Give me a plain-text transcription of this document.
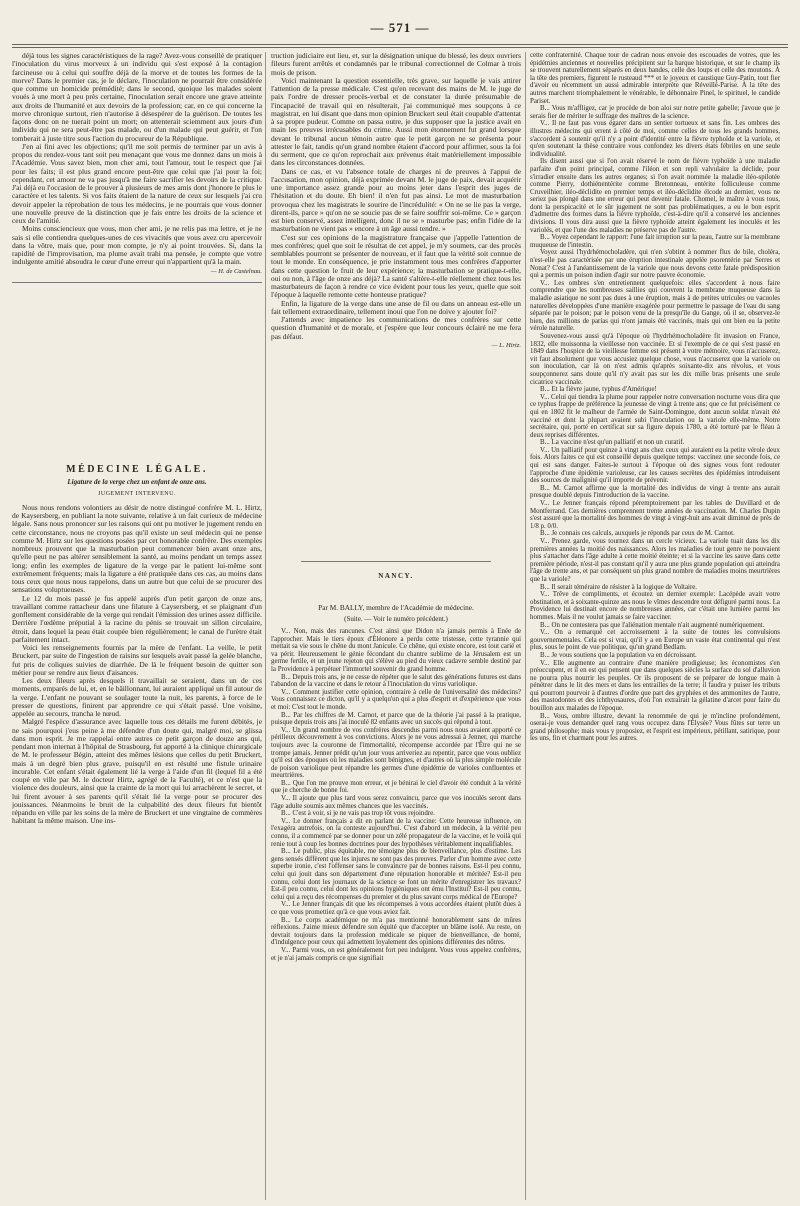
— 571 —

déjà tous les signes caractéristiques de la rage? Avez-vous conseillé de pratiquer l'inoculation du virus morveux à un individu qui s'est exposé à la contagion farcineuse ou à celui qui souffre déjà de la morve et de toutes les formes de la morve? Dans le premier cas, je le déclare, l'inoculation ne pourrait être considérée que comme un homicide prémédité; dans le second, quoique les malades soient voués à une mort à peu près certaine, l'inoculation serait encore une grave atteinte aux droits de l'humanité et aux devoirs de la profession; car, en ce qui concerne la morve chronique surtout, rien n'autorise à désespérer de la guérison. De toutes les façons donc on ne tuerait point un mort; on attenterait sciemment aux jours d'un individu qui ne sera peut-être pas malade, ou d'un malade qui peut guérir, et l'on tomberait à juste titre sous l'action du procureur de la République.

J'en ai fini avec les objections; qu'il me soit permis de terminer par un avis à propos du rendez-vous tant soit peu menaçant que vous me donnez dans un mois à l'Académie. Vous savez bien, mon cher ami, tout l'amour, tout le respect que j'ai pour les faits; il est plus grand encore peut-être que celui que j'ai pour la foi; cependant, cet amour ne va pas jusqu'à me faire sacrifier les devoirs de la critique. J'ai déjà eu l'occasion de le prouver à plusieurs de mes amis dont j'honore le plus le caractère et les talents. Si vos faits étaient de la nature de ceux sur lesquels j'ai cru devoir appeler la réprobation de tous les médecins, je ne pourrais que vous donner une nouvelle preuve de la distinction que je fais entre les droits de la science et ceux de l'amitié.

Moins consciencieux que vous, mon cher ami, je ne relis pas ma lettre, et je ne sais si elle contiendra quelques-unes de ces vivacités que vous avez cru apercevoir dans la vôtre, mais que, pour mon compte, je n'y ai point trouvées. Si, dans la rapidité de l'improvisation, ma plume avait trahi ma pensée, je compte que votre indulgente amitié absoudra le cœur d'une erreur qui n'appartient qu'à la main.

— H. de Castelnau.
MÉDECINE LÉGALE.
Ligature de la verge chez un enfant de onze ans.
JUGEMENT INTERVENU.

Nous nous rendons volontiers au désir de notre distingué confrère M. L. Hirtz, de Kaysersberg, en publiant la note suivante, relative à un fait curieux de médecine légale. Sans nous prononcer sur les raisons qui ont pu motiver le jugement rendu en cette circonstance, nous ne croyons pas qu'il existe un seul médecin qui ne pense comme M. Hirtz sur les questions posées par cet honorable confrère. Des exemples nombreux prouvent que la masturbation peut commencer bien avant onze ans, qu'elle peut ne pas altérer sensiblement la santé, au moins pendant un temps assez long; enfin les exemples de ligature de la verge par le patient lui-même sont extrêmement fréquents; mais la ligature a été pratiquée dans ces cas, au moins dans tous ceux que nous nous rappelons, dans un autre but que celui de se procurer des sensations voluptueuses.

Le 12 du mois passé je fus appelé auprès d'un petit garçon de onze ans, travaillant comme rattacheur dans une filature à Caysersberg, et se plaignant d'un gonflement considérable de la verge qui rendait l'émission des urines assez difficile. Derrière l'œdème préputial à la racine du pénis se trouvait un sillon circulaire, étroit, dans lequel la peau était coupée bien régulièrement; le canal de l'urètre était parfaitement intact.

Voici les renseignements fournis par la mère de l'enfant. La veille, le petit Bruckert, par suite de l'ingestion de raisins sur lesquels avait passé la gelée blanche, fut pris de coliques suivies de diarrhée. De là le fréquent besoin de quitter son métier pour se rendre aux lieux d'aisances.

Les deux fileurs après desquels il travaillait se seraient, dans un de ces moments, emparés de lui, et, en le bâillonnant, lui auraient appliqué un fil autour de la verge. L'enfant ne pouvant se soulager toute la nuit, les parents, à force de le presser de questions, finirent par apprendre ce qui s'était passé. Une voisine, appelée au secours, trancha le nœud.

Malgré l'espèce d'assurance avec laquelle tous ces détails me furent débités, je ne sais pourquoi j'eus peine à me défendre d'un doute qui, malgré moi, se glissa dans mon esprit. Je me rappelai entre autres ce petit garçon de douze ans qui, pendant mon internat à l'hôpital de Strasbourg, fut apporté à la clinique chirurgicale de M. le professeur Bégin, atteint des mêmes lésions que celles du petit Bruckert, mais à un degré bien plus grave, puisqu'il en est résulté une fistule urinaire incurable. Cet enfant s'était également lié la verge à l'aide d'un fil (lequel fil a été coupé en ville par M. le docteur Hirtz, agrégé de la Faculté), et ce n'est que la violence des douleurs, ainsi que la crainte de la mort qui lui arrachèrent le secret, et lui firent avouer à ses parents qu'il s'était lié la verge pour se procurer des jouissances. Néanmoins le bruit de la culpabilité des deux fileurs fut bientôt répandu en ville par les soins de la mère de Bruckert et une vingtaine de commères habitant la même maison. Une ins-

truction judiciaire eut lieu, et, sur la désignation unique du blessé, les deux ouvriers fileurs furent arrêtés et condamnés par le tribunal correctionnel de Colmar à trois mois de prison.

Voici maintenant la question essentielle, très grave, sur laquelle je vais attirer l'attention de la presse médicale. C'est qu'en recevant des mains de M. le juge de paix l'ordre de dresser procès-verbal et de constater la durée présumable de l'incapacité de travail qui en résulterait, j'ai communiqué mes soupçons à ce magistrat, en lui disant que dans mon opinion Bruckert seul était coupable d'attentat à sa propre pudeur. Comme on passa outre, je dus supposer que la justice avait en main les preuves irrécusables du crime. Aussi mon étonnement fut grand lorsque devant le tribunal aucun témoin autre que le petit garçon ne se présenta pour attester le fait, tandis qu'un grand nombre étaient d'accord pour affirmer, sous la foi du serment, que ce qu'on reprochait aux prévenus était matériellement impossible dans les circonstances données.

Dans ce cas, et vu l'absence totale de charges ni de preuves à l'appui de l'accusation, mon opinion, déjà exprimée devant M. le juge de paix, devait acquérir une importance assez grande pour au moins jeter dans l'esprit des juges de l'hésitation et du doute. Eh bien! il n'en fut pas ainsi. Le mot de masturbation provoqua chez les magistrats le sourire de l'incrédulité: « On ne se lie pas la verge, dirent-ils, parce » qu'on ne se soucie pas de se faire souffrir soi-même. Ce » garçon est bien conservé, assez intelligent, donc il ne se » masturbe pas; enfin l'idée de la masturbation ne vient pas » encore à un âge aussi tendre. »

C'est sur ces opinions de la magistrature française que j'appelle l'attention de mes confrères; quel que soit le résultat de cet appel, je m'y soumets, car des procès semblables pourront se présenter de nouveau, et il faut que la vérité soit connue de tout le monde. En conséquence, je prie instamment tous mes confrères d'apporter dans cette question le fruit de leur expérience; la masturbation se pratique-t-elle, oui ou non, à l'âge de onze ans déjà? La santé s'altère-t-elle réellement chez tous les masturbateurs de façon à rendre ce vice évident pour tous les yeux, quelle que soit l'époque à laquelle remonte cette honteuse pratique?

Enfin, la ligature de la verge dans une anse de fil ou dans un anneau est-elle un fait tellement extraordinaire, tellement inoui que l'on ne doive y ajouter foi?

J'attends avec impatience les communications de mes confrères sur cette question d'humanité et de morale, et j'espère que leur concours éclairé ne me fera pas défaut.

— L. Hirtz.
NANCY.
Par M. BALLY, membre de l'Académie de médecine.
(Suite. — Voir le numéro précédent.)

V... Non, mais des rancunes. C'est ainsi que Didon n'a jamais permis à Énée de l'approcher. Mais le tiers époux d'Éléonore a perdu cette tristesse, cette tyrannie qui mettait sa vie sous le chêne du mont Janicule. Ce chêne, qui existe encore, est tout carié et va périr. Heureusement le génie fécondant du chantre sublime de la Jérusalem est un germe fertile, et un jeune rejeton qui s'élève au pied du vieux cadavre semble destiné par la Providence à perpétuer l'immortel souvenir du grand homme.

B... Depuis trois ans, je ne cesse de répéter que le salut des générations futures est dans l'abandon de la vaccine et dans le retour à l'inoculation du virus variolique.

V... Comment justifier cette opinion, contraire à celle de l'universalité des médecins? Vous connaissez ce dicton, qu'il y a quelqu'un qui a plus d'esprit et d'expérience que vous et moi: C'est tout le monde.

B... Par les chiffres de M. Carnot, et parce que de la théorie j'ai passé à la pratique, puisque depuis trois ans j'ai inoculé 82 enfants avec un succès qui répond à tout.

V... Un grand nombre de vos confrères descendus parmi nous nous avaient apporté ce périlleux découvrement à vos convictions. Alors je ne vous adressai à Jenner, qui marche toujours avec la couronne de l'immortalité, récompense accordée par l'Être qui ne se trompe jamais. Jenner prédit qu'un jour vous arriveriez au repentir, parce que vous oubliez qu'il est des époques où les maladies sont bénignes, et d'autres où la plus simple molécule de poison variolique peut répandre les germes d'une épidémie de varioles confluentes et meurtrières.

B... Que l'on me prouve mon erreur, et je bénirai le ciel d'avoir été conduit à la vérité que je cherche de bonne foi.

V... Il ajoute que plus tard vous serez convaincu, parce que vos inoculés seront dans l'âge adulte soumis aux mêmes chances que les vaccinés.

B... C'est à voir, si je ne vais pas trop tôt vous rejoindre.

V... Le donner français a dit en parlant de la vaccine: Cette heureuse influence, on l'exagéra autrefois, on la conteste aujourd'hui. C'est d'abord un médecin, à la vérité peu connu, il a commencé par se donner pour un zélé propagateur de la vaccine, et le voilà qui renie tout à coup les bonnes doctrines pour des hypothèses véritablement inqualifiables.

B... Le public, plus équitable, me témoigne plus de bienveillance, plus d'estime. Les gens sensés diffèrent que les injures ne sont pas des preuves. Parler d'un homme avec cette superbe ironie, c'est l'offenser sans le convaincre par de bonnes raisons. Est-il peu connu, celui qui jouit dans son département d'une réputation honorable et méritée? Est-il peu connu, celui dont les journaux de la science se font un mérite d'enregistrer les travaux? Est-il peu connu, celui dont les opinions hygiéniques ont ému l'Institut? Est-il peu connu, celui qui a reçu des récompenses du premier et du plus savant corps médical de l'Europe?

V... Le Jenner français dit que les récompenses à vous accordées étaient plutôt dues à ce que vous promettiez qu'à ce que vous aviez fait.

B... Le corps académique ne m'a pas mentionné honorablement sans de mûres réflexions. J'aime mieux défendre son équité que d'accepter un blâme isolé. Au reste, on devrait toujours dans la profession médicale se piquer de bienveillance, de bonté, d'indulgence pour ceux qui admettent loyalement des opinions différentes des nôtres.

V... Parmi vous, on est généralement fort peu indulgent. Vous vous appelez confrères, et je n'ai jamais compris ce que signifiait

cette confraternité. Chaque tour de cadran nous envoie des escouades de votres, que les épidémies anciennes et nouvelles précipitent sur la barque historique, et sur le champ ils se trouvent naturellement séparés en deux bandes, celle des loups et celle des moutons. À la tête des premiers, figurent le rusteaud *** et le joyeux et caustique Guy-Patin, tout fier d'avoir eu récemment un aussi admirable interprète que Réveillé-Parise. À la tête des autres marchent triomphalement le vénérable, le débonnaire Pinel, le spirituel, le candide Pariset.

B... Vous m'affligez, car je procède de bon aloi sur notre petite gabelle; j'avoue que je serais fier de mériter le suffrage des maîtres de la science.

V... Il ne faut pas vous égarer dans un sentier tortueux et sans fin. Les ombres des illustres médecins qui errent à côté de moi, comme celles de tous les grands hommes, s'accordent à soutenir qu'il n'y a point d'identité entre la fièvre typhoïde et la variole, et qu'en soutenant la thèse contraire vous confondez les divers états fébriles en une seule individualité.

Ils disent aussi que si l'on avait réservé le nom de fièvre typhoïde à une maladie parfaite d'un point principal, comme l'iléon et son repli valvulaire la déclide, pour s'irradier ensuite dans les autres organes; si l'on avait nommée la maladie iléo-spilotée comme Pierry, dothiénentérite comme Bretonneau, entérite folliculeuse comme Cruveilhier, iléo-déclidite en premier temps et iléo-déclidite élcode au dernier, vous ne seriez pas plongé dans une erreur qui peut devenir fatale. Chomel, le maître à vous tous, dont la perspicacité et le sûr jugement ne sont pas problématiques, a eu le bon esprit d'admettre des formes dans la fièvre typhoïde, c'est-à-dire qu'il a conservé les anciennes divisions. Il vous dira aussi que la fièvre typhoïde atteint également les inoculés et les variolés, et que l'une des maladies ne préserve pas de l'autre.

B... Voyez cependant le rapport: l'une fait irruption sur la peau, l'autre sur la membrane muqueuse de l'intestin.

Voyez aussi l'hydrhémocholadère, qui n'en s'obtint à nommer flux de bile, choléra, n'est-elle pas caractérisée par une éruption intestinale appelée psorentérie par Serres et Nonat? C'est à l'anéantissement de la variole que nous devons cette fatale prédisposition qui a permis un poison indien d'agir sur notre pauvre économie.

V... Les ombres s'en entretiennent quelquefois: elles s'accordent à nous faire comprendre que les nombreuses saillies qui couvrent la membrane muqueuse dans la maladie asiatique ne sont pas dues à une éruption, mais à de petites utricules ou vacuoles naturelles développées d'une manière exagérée pour permettre le passage de l'eau du sang séparée par le poison; par le poison venu de la presqu'île du Gange, où il se, observez-le bien, des millions de parias qui n'ont jamais été vaccinés, mais qui ont bien eu la petite vérole naturelle.

Souvenez-vous aussi qu'à l'époque où l'hydrhémocholadère fit invasion en France, 1832, elle moissonna la vieillesse non vaccinée. Et si l'exemple de ce qui s'est passé en 1849 dans l'hospice de la vieillesse femme est présent à votre mémoire, vous n'accuserez, vit faut absolument que vous accusiez quelque chose, vous n'accuserez que la variole ou son inoculation, car là on n'est admis qu'après soixante-dix ans révolus, et vous soupçonnerez sans doute qu'il n'y avait pas sur les dix mille bras présents une seule cicatrice vaccinale.

B... Et la fièvre jaune, typhus d'Amérique!

V... Celui qui tiendra la plume pour rappeler notre conversation nocturne vous dira que ce typhus frappe de préférence la jeunesse de vingt à trente ans; que ce fut précisément ce qui en 1802 fit le malheur de l'armée de Saint-Domingue, dont aucun soldat n'avait été vacciné et dont la plupart avaient subi l'inoculation ou la variole elle-même. Notre secrétaire, qui, porté en certificat sur sa figure depuis 1780, a été torturé par le fléau à deux reprises différentes.

B... La vaccine n'est qu'un palliatif et non un curatif.

V... Un palliatif pour quinze à vingt ans chez ceux qui auraient eu la petite vérole deux fois. Alors faites ce qui est conseillé depuis quelque temps: vaccinez une seconde fois, ce qui est sans danger. Faites-le surtout à l'époque où des signes vous font redouter l'approche d'une épidémie varioleuse, car les causes secrètes des épidémies introduisent des sources de malignité qu'il importe de prévenir.

B... M. Carnot affirme que la mortalité des individus de vingt à trente ans aurait presque doublé depuis l'introduction de la vaccine.

V... Le Jenner français répond péremptoirement par les tables de Duvillard et de Montferrand. Ces dernières comprennent trente années de vaccination. M. Charles Dupin s'est assuré que la mortalité des hommes de vingt à vingt-huit ans avait diminué de près de 1/8 p. 0/0.

B... Je connais ces calculs, auxquels je réponds par ceux de M. Carnot.

V... Prenez garde, vous tournez dans un cercle vicieux. La variole tuait dans les dix premières années la moitié des naissances. Alors les maladies de tout genre ne pouvaient plus s'attacher dans l'âge adulte à cette moitié éteinte; et si la vaccine les sauve dans cette première période, n'est-il pas constant qu'il y aura une plus grande population qui atteindra l'âge de trente ans, et par conséquent un plus grand nombre de maladies moins meurtrières que la variole?

B... Il serait téméraire de résister à la logique de Voltaire.

V... Trêve de compliments, et écoutez un dernier exemple: Lacépède avait votre obstination, et à soixante-quinze ans nous le vîmes descendre tout défiguré parmi nous. La Providence lui destinait encore de nombreuses années, car c'était une lumière parmi les hommes. Mais il ne voulut jamais se faire vacciner.

B... On ne contestera pas que l'aliénation mentale n'ait augmenté numériquement.

V... On a remarqué cet accroissement à la suite de toutes les convulsions gouvernementales. Cela est si vrai, qu'il y a en Europe un vaste état continental qui n'est plus, sous le point de vue politique, qu'un grand Bedlam.

B... Je vous soutiens que la population va en décroissant.

V... Elle augmente au contraire d'une manière prodigieuse; les économistes s'en préoccupent, et il en est qui pensent que dans quelques siècles la surface du sol d'alluvion ne pourra plus nourrir les peuples. Or ils proposent de se préparer de longue main à pénétrer dans le lit des mers et dans les entrailles de la terre; il faudra y puiser les tributs qui pourront pourvoir à d'autres d'ordre que part des gryphées et des ammonites de l'autre, des mastodontes et des ichthyosaures, d'où l'on extrairait la gélatine d'arcet pour faire du bouillon aux malades de l'époque.

B... Vous, ombre illustre, devant la renommée de qui je m'incline profondément, oserai-je vous demander quel rang vous occupez dans l'Élysée? Vous fûtes sur terre un grand philosophe; mais vous y proposiez, et l'esprit est impérieux, pétillant, satirique, pour les uns, fin et charmant pour les autres.
